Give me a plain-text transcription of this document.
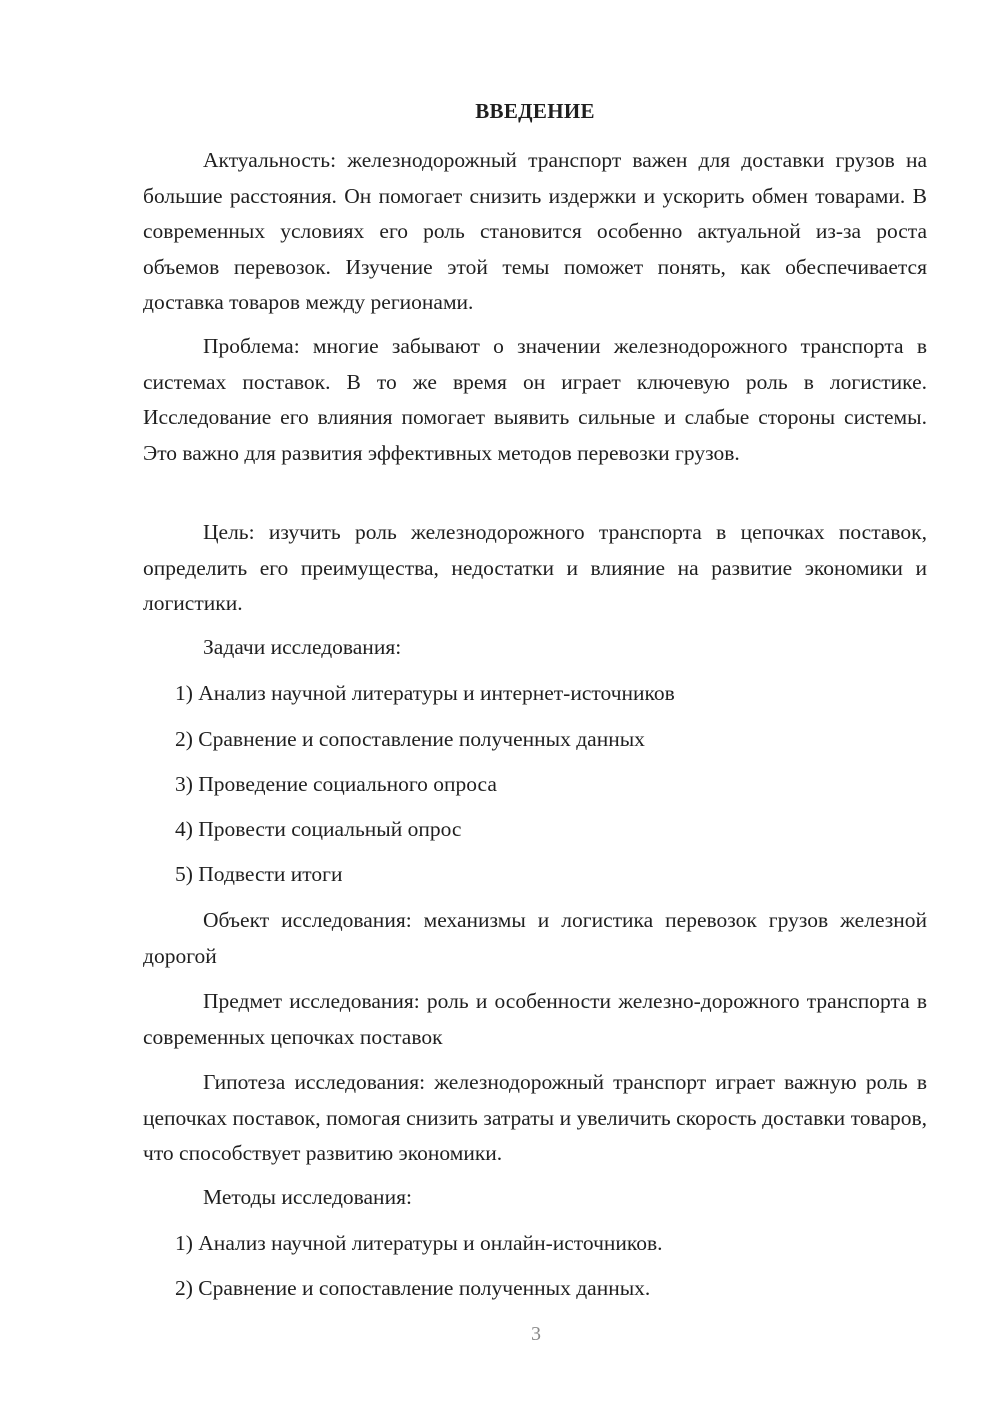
ВВЕДЕНИЕ

Актуальность: железнодорожный транспорт важен для доставки грузов на большие расстояния. Он помогает снизить издержки и ускорить обмен товарами. В современных условиях его роль становится особенно актуальной из-за роста объемов перевозок. Изучение этой темы поможет понять, как обеспечивается доставка товаров между регионами.

Проблема: многие забывают о значении железнодорожного транспорта в системах поставок. В то же время он играет ключевую роль в логистике. Исследование его влияния помогает выявить сильные и слабые стороны системы. Это важно для развития эффективных методов перевозки грузов.

Цель: изучить роль железнодорожного транспорта в цепочках поставок, определить его преимущества, недостатки и влияние на развитие экономики и логистики.

Задачи исследования:

1) Анализ научной литературы и интернет-источников

2) Сравнение и сопоставление полученных данных

3) Проведение социального опроса

4) Провести социальный опрос

5) Подвести итоги

Объект исследования: механизмы и логистика перевозок грузов железной дорогой

Предмет исследования: роль и особенности железно-дорожного транспорта в современных цепочках поставок

Гипотеза исследования: железнодорожный транспорт играет важную роль в цепочках поставок, помогая снизить затраты и увеличить скорость доставки товаров, что способствует развитию экономики.

Методы исследования:

1) Анализ научной литературы и онлайн-источников.

2) Сравнение и сопоставление полученных данных.

3
